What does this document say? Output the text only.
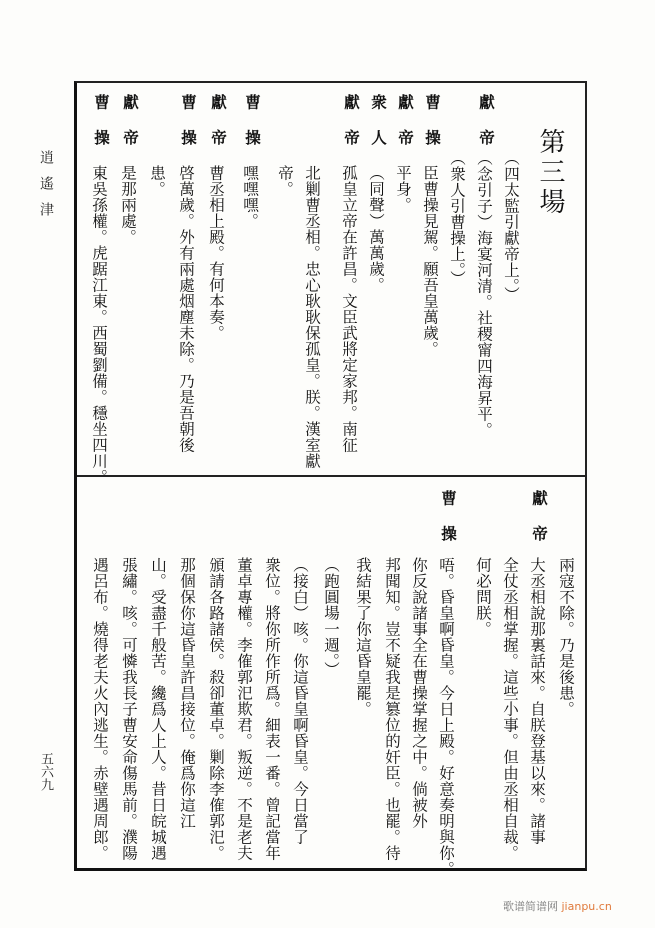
逍遙津
五六九
第三場
（四太監引獻帝上。）
獻帝
（念引子）海宴河清。社稷甯四海昇平。
（衆人引曹操上。）
曹操
臣曹操見駕。願吾皇萬歲。
獻帝
平身。
衆人
（同聲）萬萬歲。
獻帝
孤皇立帝在許昌。文臣武將定家邦。南征
北剿曹丞相。忠心耿耿保孤皇。朕。漢室獻
帝。
曹操
嘿嘿嘿。
獻帝
曹丞相上殿。有何本奏。
曹操
啓萬歲。外有兩處烟塵未除。乃是吾朝後
患。
獻帝
是那兩處。
曹操
東吳孫權。虎踞江東。西蜀劉備。穩坐四川。
兩寇不除。乃是後患。
獻帝
大丞相說那裏話來。自朕登基以來。諸事
全仗丞相掌握。這些小事。但由丞相自裁。
何必問朕。
曹操
唔。昏皇啊昏皇。今日上殿。好意奏明與你。
你反說諸事全在曹操掌握之中。倘被外
邦聞知。豈不疑我是篡位的奸臣。也罷。待
我結果了你這昏皇罷。
（跑圓場一週。）
（接白）咳。你這昏皇啊昏皇。今日當了
衆位。將你所作所爲。細表一番。曾記當年
董卓專權。李傕郭汜欺君。叛逆。不是老夫
頒請各路諸侯。殺卻董卓。剿除李傕郭汜。
那個保你這昏皇許昌接位。俺爲你這江
山。受盡千般苦。纔爲人上人。昔日皖城遇
張繡。咳。可憐我長子曹安命傷馬前。濮陽
遇呂布。燒得老夫火內逃生。赤壁遇周郎。
歌谱简谱网 jianpu.cn
